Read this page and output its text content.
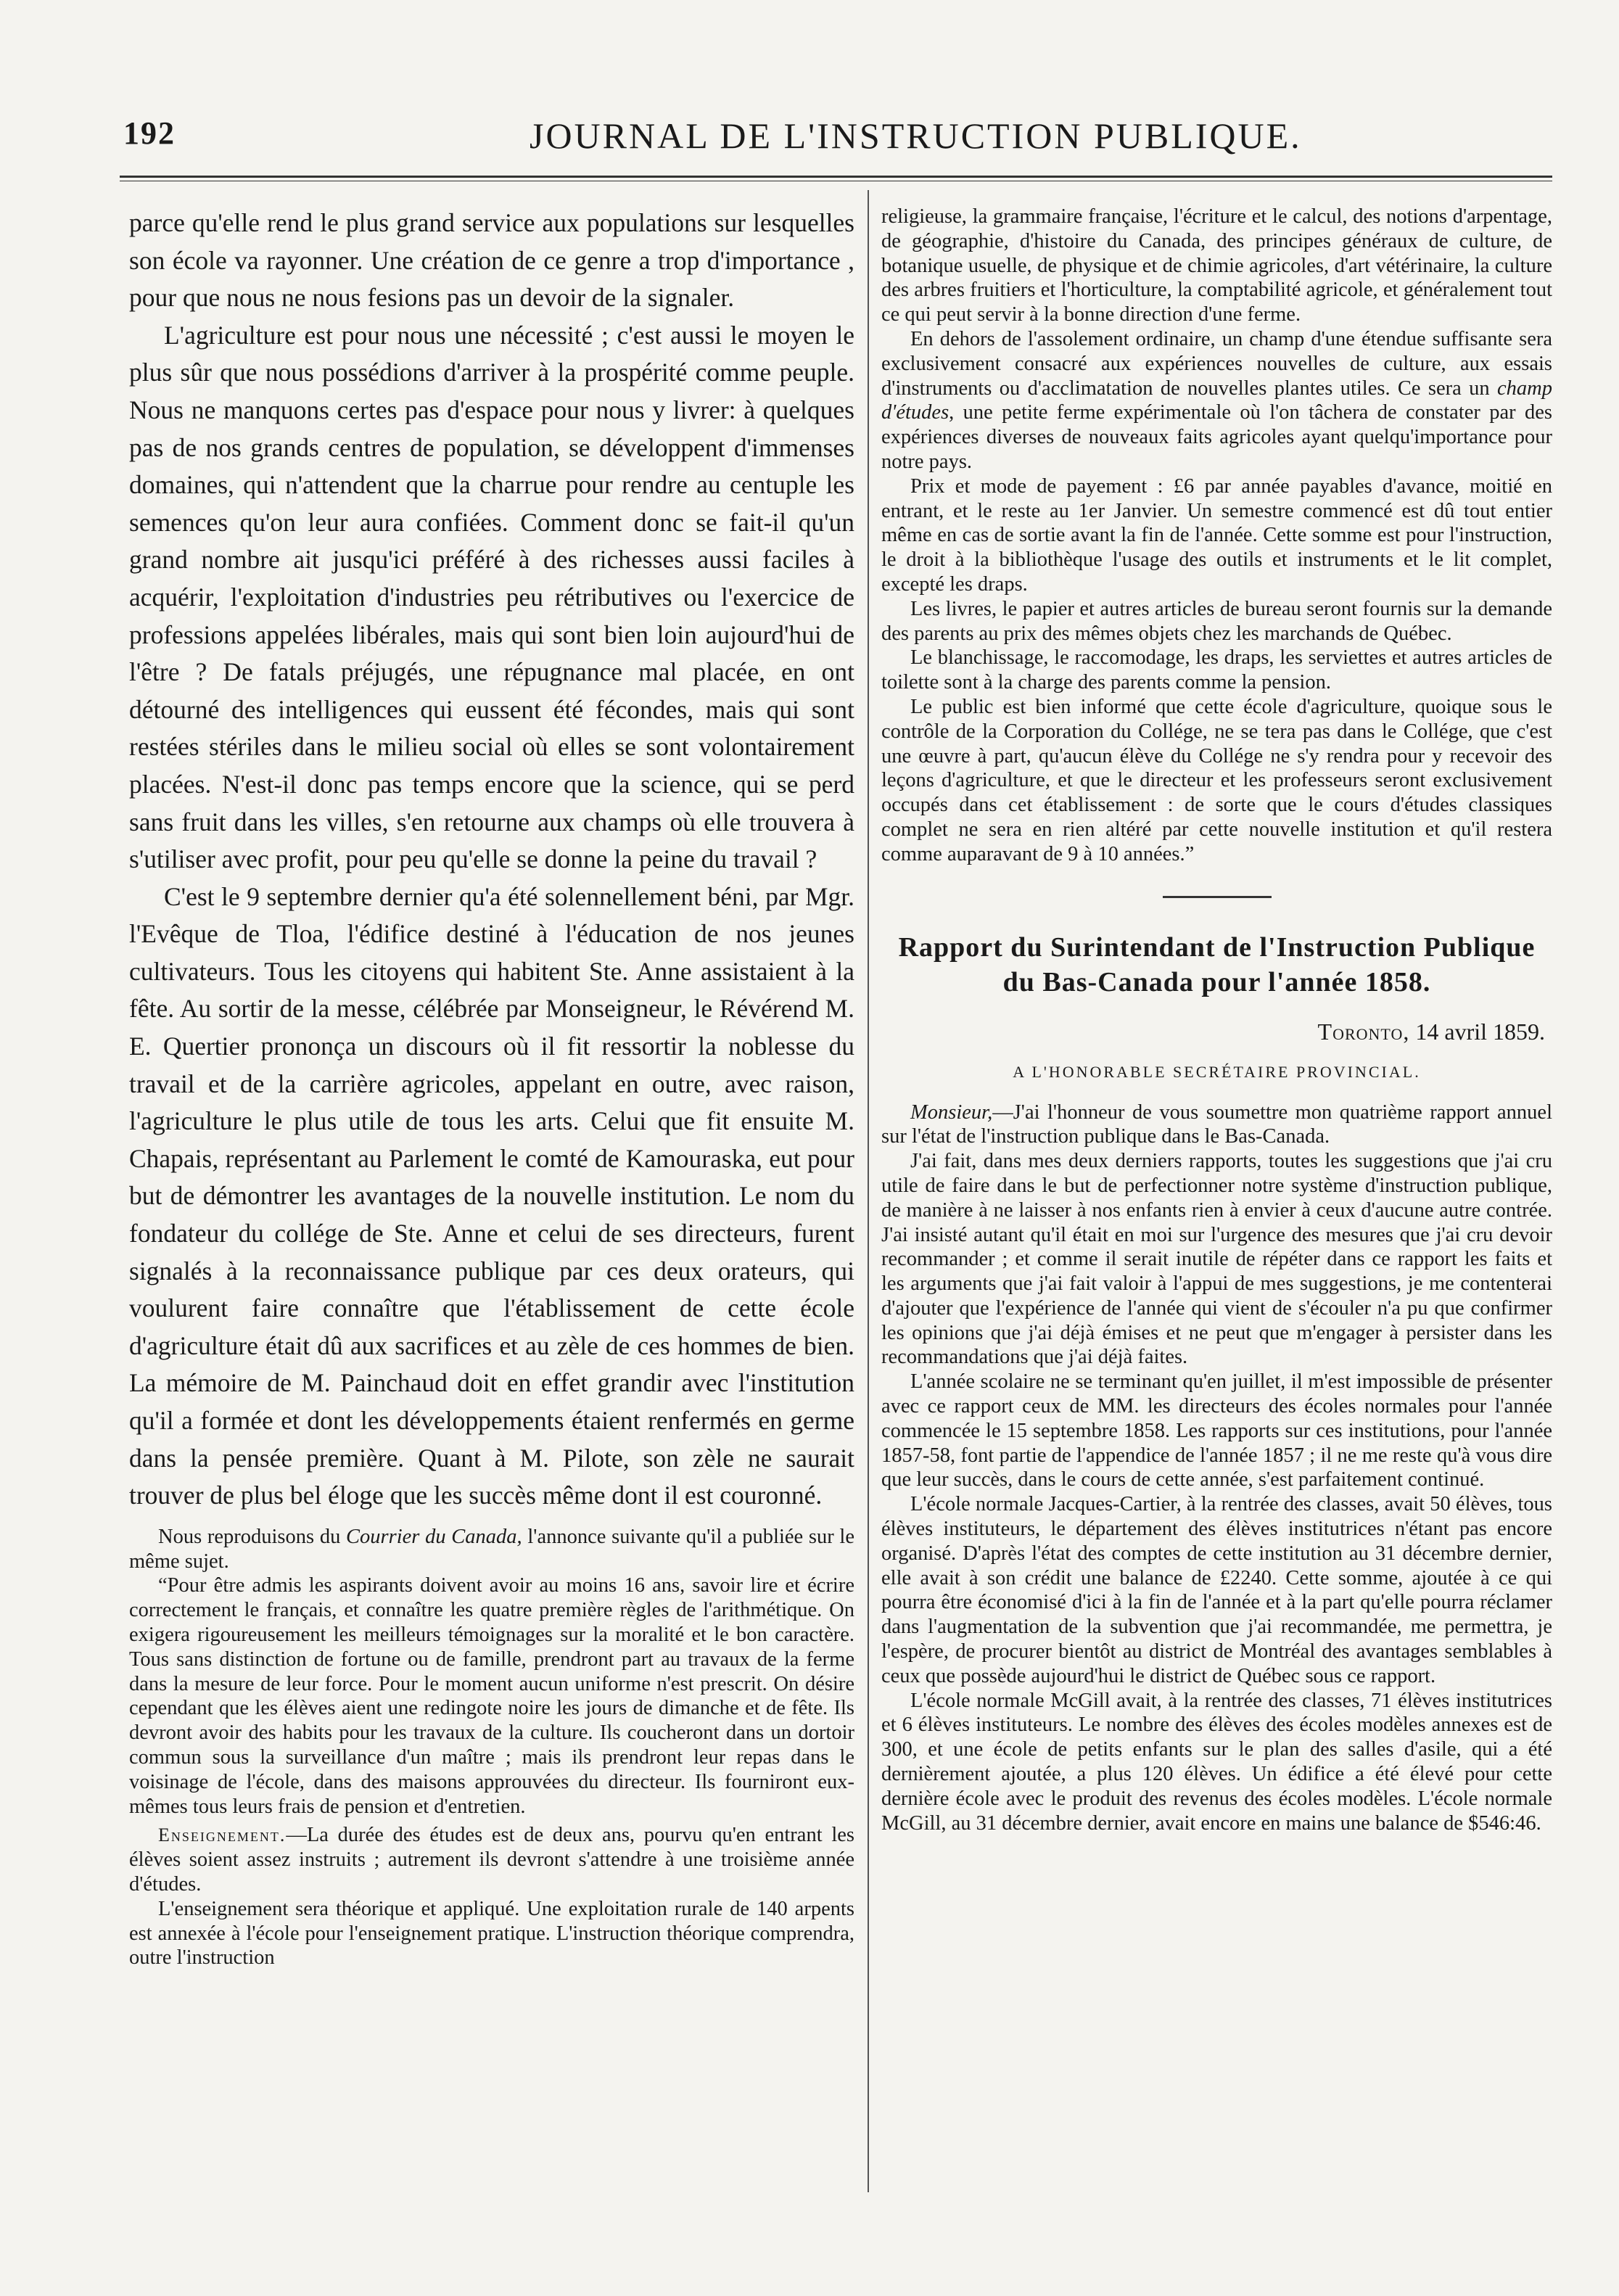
192	JOURNAL DE L'INSTRUCTION PUBLIQUE.

parce qu'elle rend le plus grand service aux populations sur lesquelles son école va rayonner. Une création de ce genre a trop d'importance , pour que nous ne nous fesions pas un devoir de la signaler.

L'agriculture est pour nous une nécessité ; c'est aussi le moyen le plus sûr que nous possédions d'arriver à la prospérité comme peuple. Nous ne manquons certes pas d'espace pour nous y livrer: à quelques pas de nos grands centres de population, se développent d'immenses domaines, qui n'attendent que la charrue pour rendre au centuple les semences qu'on leur aura confiées. Comment donc se fait-il qu'un grand nombre ait jusqu'ici préféré à des richesses aussi faciles à acquérir, l'exploitation d'industries peu rétributives ou l'exercice de professions appelées libérales, mais qui sont bien loin aujourd'hui de l'être ? De fatals préjugés, une répugnance mal placée, en ont détourné des intelligences qui eussent été fécondes, mais qui sont restées stériles dans le milieu social où elles se sont volontairement placées. N'est-il donc pas temps encore que la science, qui se perd sans fruit dans les villes, s'en retourne aux champs où elle trouvera à s'utiliser avec profit, pour peu qu'elle se donne la peine du travail ?

C'est le 9 septembre dernier qu'a été solennellement béni, par Mgr. l'Evêque de Tloa, l'édifice destiné à l'éducation de nos jeunes cultivateurs. Tous les citoyens qui habitent Ste. Anne assistaient à la fête. Au sortir de la messe, célébrée par Monseigneur, le Révérend M. E. Quertier prononça un discours où il fit ressortir la noblesse du travail et de la carrière agricoles, appelant en outre, avec raison, l'agriculture le plus utile de tous les arts. Celui que fit ensuite M. Chapais, représentant au Parlement le comté de Kamouraska, eut pour but de démontrer les avantages de la nouvelle institution. Le nom du fondateur du collége de Ste. Anne et celui de ses directeurs, furent signalés à la reconnaissance publique par ces deux orateurs, qui voulurent faire connaître que l'établissement de cette école d'agriculture était dû aux sacrifices et au zèle de ces hommes de bien. La mémoire de M. Painchaud doit en effet grandir avec l'institution qu'il a formée et dont les développements étaient renfermés en germe dans la pensée première. Quant à M. Pilote, son zèle ne saurait trouver de plus bel éloge que les succès même dont il est couronné.

Nous reproduisons du Courrier du Canada, l'annonce suivante qu'il a publiée sur le même sujet.

“Pour être admis les aspirants doivent avoir au moins 16 ans, savoir lire et écrire correctement le français, et connaître les quatre première règles de l'arithmétique. On exigera rigoureusement les meilleurs témoignages sur la moralité et le bon caractère. Tous sans distinction de fortune ou de famille, prendront part au travaux de la ferme dans la mesure de leur force. Pour le moment aucun uniforme n'est prescrit. On désire cependant que les élèves aient une redingote noire les jours de dimanche et de fête. Ils devront avoir des habits pour les travaux de la culture. Ils coucheront dans un dortoir commun sous la surveillance d'un maître ; mais ils prendront leur repas dans le voisinage de l'école, dans des maisons approuvées du directeur. Ils fourniront eux-mêmes tous leurs frais de pension et d'entretien.

Enseignement.—La durée des études est de deux ans, pourvu qu'en entrant les élèves soient assez instruits ; autrement ils devront s'attendre à une troisième année d'études.

L'enseignement sera théorique et appliqué. Une exploitation rurale de 140 arpents est annexée à l'école pour l'enseignement pratique. L'instruction théorique comprendra, outre l'instruction

religieuse, la grammaire française, l'écriture et le calcul, des notions d'arpentage, de géographie, d'histoire du Canada, des principes généraux de culture, de botanique usuelle, de physique et de chimie agricoles, d'art vétérinaire, la culture des arbres fruitiers et l'horticulture, la comptabilité agricole, et généralement tout ce qui peut servir à la bonne direction d'une ferme.

En dehors de l'assolement ordinaire, un champ d'une étendue suffisante sera exclusivement consacré aux expériences nouvelles de culture, aux essais d'instruments ou d'acclimatation de nouvelles plantes utiles. Ce sera un champ d'études, une petite ferme expérimentale où l'on tâchera de constater par des expériences diverses de nouveaux faits agricoles ayant quelqu'importance pour notre pays.

Prix et mode de payement : £6 par année payables d'avance, moitié en entrant, et le reste au 1er Janvier. Un semestre commencé est dû tout entier même en cas de sortie avant la fin de l'année. Cette somme est pour l'instruction, le droit à la bibliothèque l'usage des outils et instruments et le lit complet, excepté les draps.

Les livres, le papier et autres articles de bureau seront fournis sur la demande des parents au prix des mêmes objets chez les marchands de Québec.

Le blanchissage, le raccomodage, les draps, les serviettes et autres articles de toilette sont à la charge des parents comme la pension.

Le public est bien informé que cette école d'agriculture, quoique sous le contrôle de la Corporation du Collége, ne se tera pas dans le Collége, que c'est une œuvre à part, qu'aucun élève du Collége ne s'y rendra pour y recevoir des leçons d'agriculture, et que le directeur et les professeurs seront exclusivement occupés dans cet établissement : de sorte que le cours d'études classiques complet ne sera en rien altéré par cette nouvelle institution et qu'il restera comme auparavant de 9 à 10 années.”

Rapport du Surintendant de l'Instruction Publique du Bas-Canada pour l'année 1858.

Toronto, 14 avril 1859.

A L'HONORABLE SECRÉTAIRE PROVINCIAL.

Monsieur,—J'ai l'honneur de vous soumettre mon quatrième rapport annuel sur l'état de l'instruction publique dans le Bas-Canada.

J'ai fait, dans mes deux derniers rapports, toutes les suggestions que j'ai cru utile de faire dans le but de perfectionner notre système d'instruction publique, de manière à ne laisser à nos enfants rien à envier à ceux d'aucune autre contrée. J'ai insisté autant qu'il était en moi sur l'urgence des mesures que j'ai cru devoir recommander ; et comme il serait inutile de répéter dans ce rapport les faits et les arguments que j'ai fait valoir à l'appui de mes suggestions, je me contenterai d'ajouter que l'expérience de l'année qui vient de s'écouler n'a pu que confirmer les opinions que j'ai déjà émises et ne peut que m'engager à persister dans les recommandations que j'ai déjà faites.

L'année scolaire ne se terminant qu'en juillet, il m'est impossible de présenter avec ce rapport ceux de MM. les directeurs des écoles normales pour l'année commencée le 15 septembre 1858. Les rapports sur ces institutions, pour l'année 1857-58, font partie de l'appendice de l'année 1857 ; il ne me reste qu'à vous dire que leur succès, dans le cours de cette année, s'est parfaitement continué.

L'école normale Jacques-Cartier, à la rentrée des classes, avait 50 élèves, tous élèves instituteurs, le département des élèves institutrices n'étant pas encore organisé. D'après l'état des comptes de cette institution au 31 décembre dernier, elle avait à son crédit une balance de £2240. Cette somme, ajoutée à ce qui pourra être économisé d'ici à la fin de l'année et à la part qu'elle pourra réclamer dans l'augmentation de la subvention que j'ai recommandée, me permettra, je l'espère, de procurer bientôt au district de Montréal des avantages semblables à ceux que possède aujourd'hui le district de Québec sous ce rapport.

L'école normale McGill avait, à la rentrée des classes, 71 élèves institutrices et 6 élèves instituteurs. Le nombre des élèves des écoles modèles annexes est de 300, et une école de petits enfants sur le plan des salles d'asile, qui a été dernièrement ajoutée, a plus 120 élèves. Un édifice a été élevé pour cette dernière école avec le produit des revenus des écoles modèles. L'école normale McGill, au 31 décembre dernier, avait encore en mains une balance de $546:46.
